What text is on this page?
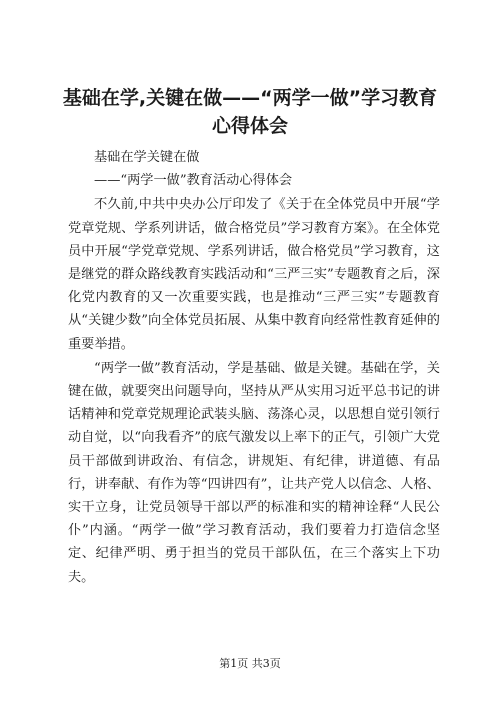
基础在学,关键在做——“两学一做”学习教育心得体会

基础在学关键在做

——“两学一做”教育活动心得体会

不久前,中共中央办公厅印发了《关于在全体党员中开展“学党章党规、学系列讲话，做合格党员”学习教育方案》。在全体党员中开展“学党章党规、学系列讲话，做合格党员”学习教育，这是继党的群众路线教育实践活动和“三严三实”专题教育之后，深化党内教育的又一次重要实践，也是推动“三严三实”专题教育从“关键少数”向全体党员拓展、从集中教育向经常性教育延伸的重要举措。

“两学一做”教育活动，学是基础、做是关键。基础在学，关键在做，就要突出问题导向，坚持从严从实用习近平总书记的讲话精神和党章党规理论武装头脑、荡涤心灵，以思想自觉引领行动自觉，以“向我看齐”的底气激发以上率下的正气，引领广大党员干部做到讲政治、有信念，讲规矩、有纪律，讲道德、有品行，讲奉献、有作为等“四讲四有”，让共产党人以信念、人格、实干立身，让党员领导干部以严的标准和实的精神诠释“人民公仆”内涵。“两学一做”学习教育活动，我们要着力打造信念坚定、纪律严明、勇于担当的党员干部队伍，在三个落实上下功夫。

第1页 共3页
